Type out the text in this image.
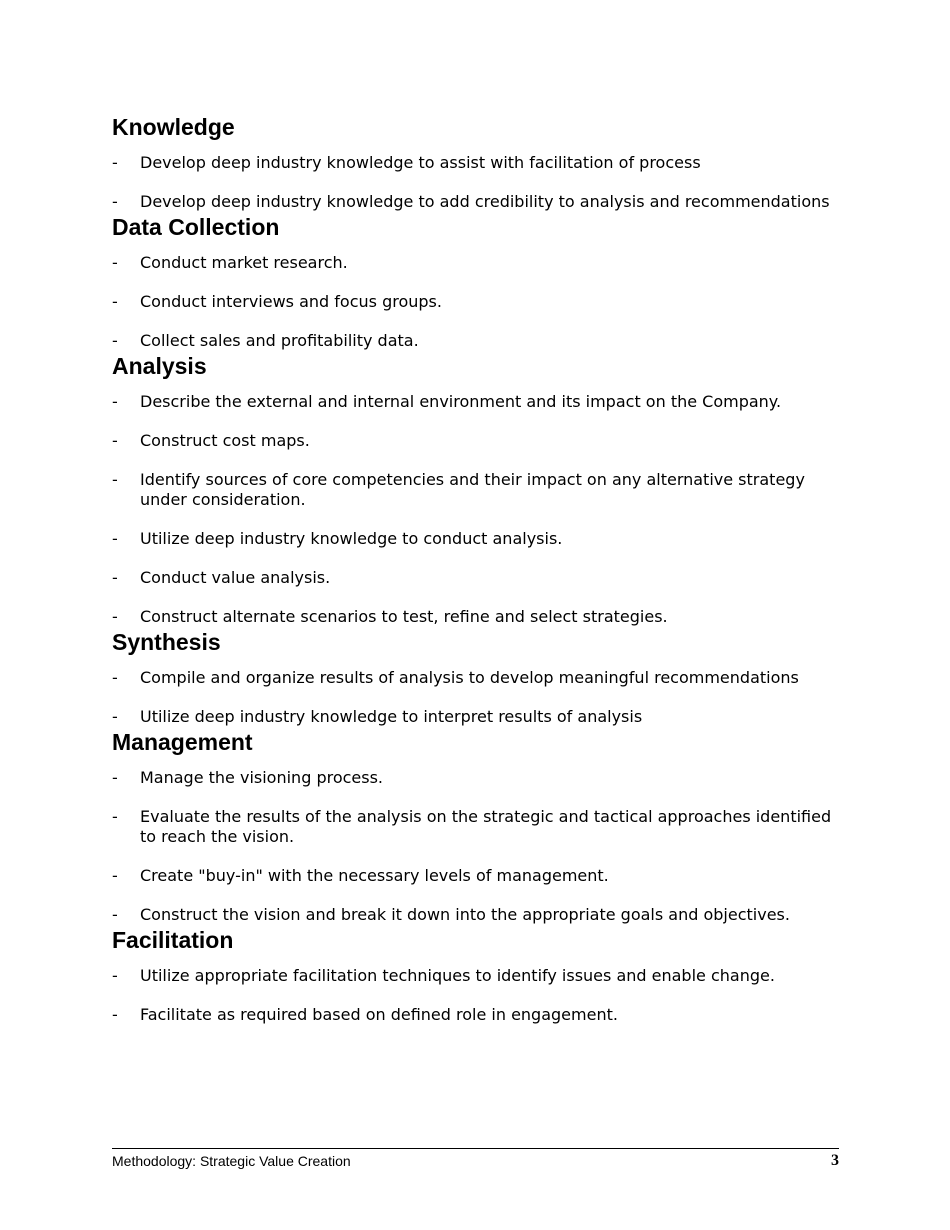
Knowledge
-	Develop deep industry knowledge to assist with facilitation of process
-	Develop deep industry knowledge to add credibility to analysis and recommendations
Data Collection
-	Conduct market research.
-	Conduct interviews and focus groups.
-	Collect sales and profitability data.
Analysis
-	Describe the external and internal environment and its impact on the Company.
-	Construct cost maps.
-	Identify sources of core competencies and their impact on any alternative strategy under consideration.
-	Utilize deep industry knowledge to conduct analysis.
-	Conduct value analysis.
-	Construct alternate scenarios to test, refine and select strategies.
Synthesis
-	Compile and organize results of analysis to develop meaningful recommendations
-	Utilize deep industry knowledge to interpret results of analysis
Management
-	Manage the visioning process.
-	Evaluate the results of the analysis on the strategic and tactical approaches identified to reach the vision.
-	Create "buy-in" with the necessary levels of management.
-	Construct the vision and break it down into the appropriate goals and objectives.
Facilitation
-	Utilize appropriate facilitation techniques to identify issues and enable change.
-	Facilitate as required based on defined role in engagement.
Methodology: Strategic Value Creation	3
